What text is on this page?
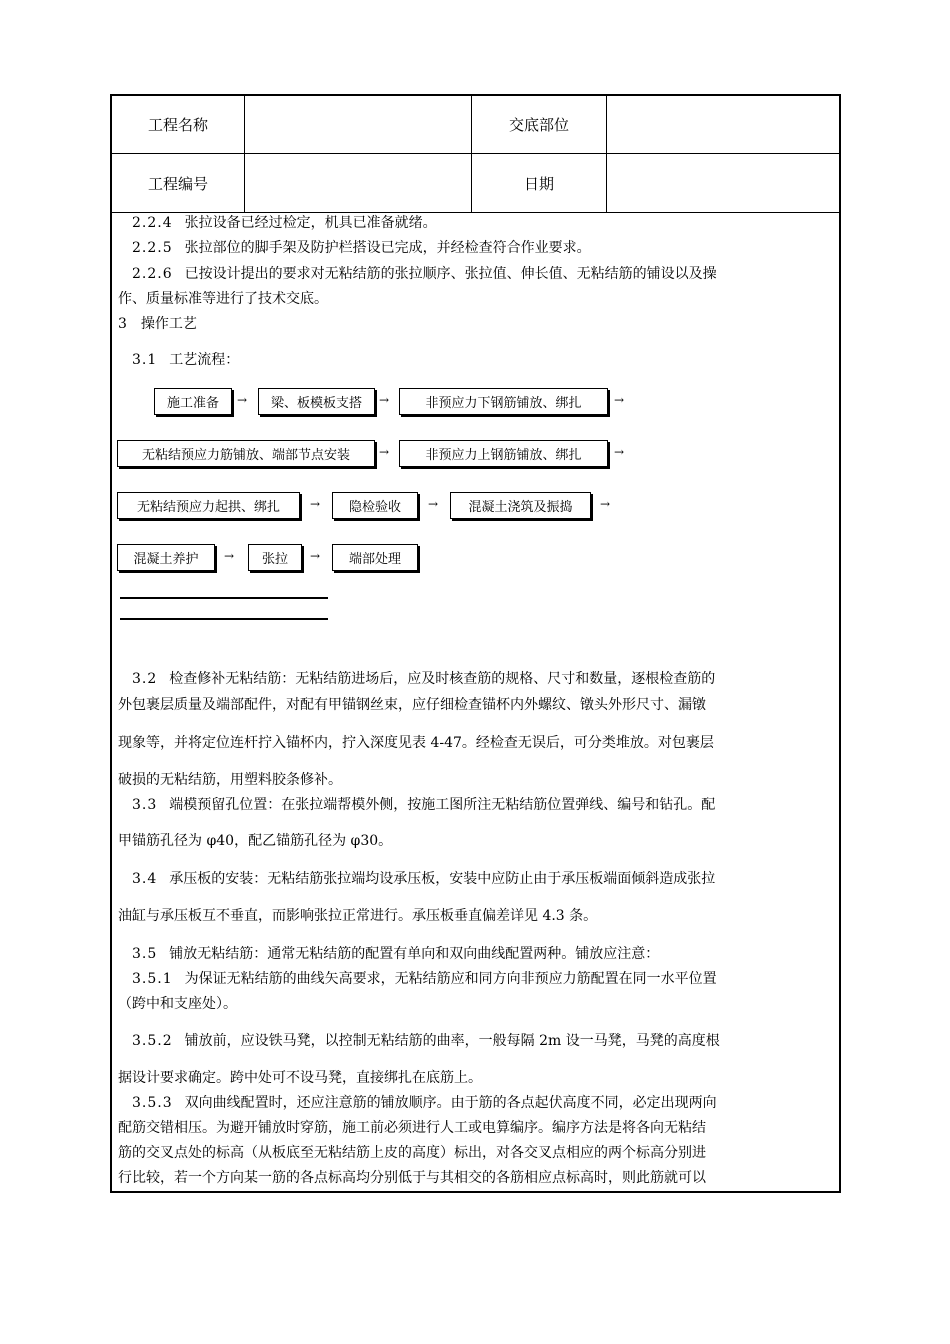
工程名称	交底部位
工程编号	日期
2.2.4 张拉设备已经过检定，机具已准备就绪。
2.2.5 张拉部位的脚手架及防护栏搭设已完成，并经检查符合作业要求。
2.2.6 已按设计提出的要求对无粘结筋的张拉顺序、张拉值、伸长值、无粘结筋的铺设以及操
作、质量标准等进行了技术交底。
3　操作工艺
3.1 工艺流程：
施工准备 → 梁、板模板支搭 →	非预应力下钢筋铺放、绑扎	→
无粘结预应力筋铺放、端部节点安装 →	非预应力上钢筋铺放、绑扎	→
无粘结预应力起拱、绑扎	→ 隐检验收 → 混凝土浇筑及振捣 →
混凝土养护 → 张拉 → 端部处理
3.2 检查修补无粘结筋：无粘结筋进场后，应及时核查筋的规格、尺寸和数量，逐根检查筋的
外包裹层质量及端部配件，对配有甲锚钢丝束，应仔细检查锚杯内外螺纹、镦头外形尺寸、漏镦
现象等，并将定位连杆拧入锚杯内，拧入深度见表 4-47。经检查无误后，可分类堆放。对包裹层
破损的无粘结筋，用塑料胶条修补。
3.3 端模预留孔位置：在张拉端帮模外侧，按施工图所注无粘结筋位置弹线、编号和钻孔。配
甲锚筋孔径为 φ40，配乙锚筋孔径为 φ30。
3.4 承压板的安装：无粘结筋张拉端均设承压板，安装中应防止由于承压板端面倾斜造成张拉
油缸与承压板互不垂直，而影响张拉正常进行。承压板垂直偏差详见 4.3 条。
3.5 铺放无粘结筋：通常无粘结筋的配置有单向和双向曲线配置两种。铺放应注意：
3.5.1 为保证无粘结筋的曲线矢高要求，无粘结筋应和同方向非预应力筋配置在同一水平位置
（跨中和支座处）。
3.5.2 铺放前，应设铁马凳，以控制无粘结筋的曲率，一般每隔 2m 设一马凳，马凳的高度根
据设计要求确定。跨中处可不设马凳，直接绑扎在底筋上。
3.5.3 双向曲线配置时，还应注意筋的铺放顺序。由于筋的各点起伏高度不同，必定出现两向
配筋交错相压。为避开铺放时穿筋，施工前必须进行人工或电算编序。编序方法是将各向无粘结
筋的交叉点处的标高（从板底至无粘结筋上皮的高度）标出，对各交叉点相应的两个标高分别进
行比较，若一个方向某一筋的各点标高均分别低于与其相交的各筋相应点标高时，则此筋就可以
